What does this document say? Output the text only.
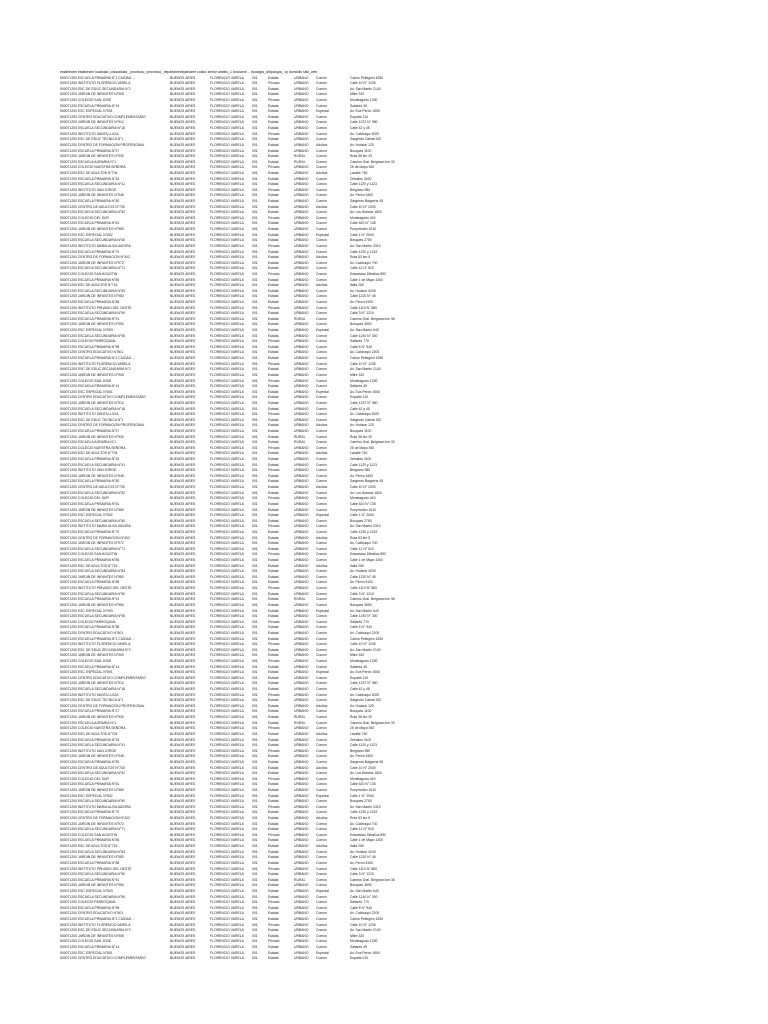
establecimi establecim localidad_ciducalidad_ provincia_i provincia_ departamedepartame codloc sector ambito_1 funciamb ... tipologia_ciltipologia_ cp domicilio sitio_web
500071200 ESCUELA PRIMARIA N°1 CIUDAD ...	BUENOS AIRES	FLORENCIO VARELA	001	Estatal	URBANO	Común	Carlos Pellegrini 4250
500071200 INSTITUTO FLORENCIO VARELA	BUENOS AIRES	FLORENCIO VARELA	001	Privado	URBANO	Común	Calle 10 N° 1235
500071200 ESC DE EDUC SECUNDARIA N°2	BUENOS AIRES	FLORENCIO VARELA	001	Estatal	URBANO	Común	Av. San Martín 2140
500071200 JARDIN DE INFANTES N°905	BUENOS AIRES	FLORENCIO VARELA	001	Estatal	URBANO	Común	Mitre 320
500071200 COLEGIO SAN JOSE	BUENOS AIRES	FLORENCIO VARELA	001	Privado	URBANO	Común	Monteagudo 1250
500071200 ESCUELA PRIMARIA N°14	BUENOS AIRES	FLORENCIO VARELA	001	Estatal	URBANO	Común	Sallarés 45
500071200 ESC ESPECIAL N°501	BUENOS AIRES	FLORENCIO VARELA	001	Estatal	URBANO	Especial	Av. Eva Perón 1550
500071200 CENTRO EDUCATIVO COMPLEMENTARIO	BUENOS AIRES	FLORENCIO VARELA	001	Estatal	URBANO	Común	España 210
500071200 JARDIN DE INFANTES N°912	BUENOS AIRES	FLORENCIO VARELA	001	Estatal	URBANO	Común	Calle 1237 N° 980
500071200 ESCUELA SECUNDARIA N°18	BUENOS AIRES	FLORENCIO VARELA	001	Estatal	URBANO	Común	Calle 42 y 45
500071200 INSTITUTO SANTA LUCIA	BUENOS AIRES	FLORENCIO VARELA	001	Privado	URBANO	Común	Av. Calchaquí 5020
500071200 ESC DE EDUC TECNICA N°1	BUENOS AIRES	FLORENCIO VARELA	001	Estatal	URBANO	Común	Sargento Cabral 320
500071200 CENTRO DE FORMACION PROFESIONAL	BUENOS AIRES	FLORENCIO VARELA	001	Estatal	URBANO	Adultos	Av. Hudson 125
500071200 ESCUELA PRIMARIA N°27	BUENOS AIRES	FLORENCIO VARELA	001	Estatal	URBANO	Común	Bosques 1100
500071200 JARDIN DE INFANTES N°930	BUENOS AIRES	FLORENCIO VARELA	001	Estatal	RURAL	Común	Ruta 36 km 29
500071200 ESCUELA AGRARIA N°1	BUENOS AIRES	FLORENCIO VARELA	001	Estatal	RURAL	Común	Camino Gral. Belgrano km 33
500071200 COLEGIO NUESTRA SEÑORA	BUENOS AIRES	FLORENCIO VARELA	001	Privado	URBANO	Común	25 de Mayo 540
500071200 ESC DE ADULTOS N°704	BUENOS AIRES	FLORENCIO VARELA	001	Estatal	URBANO	Adultos	Lavalle 760
500071200 ESCUELA PRIMARIA N°33	BUENOS AIRES	FLORENCIO VARELA	001	Estatal	URBANO	Común	Zeballos 3100
500071200 ESCUELA SECUNDARIA N°41	BUENOS AIRES	FLORENCIO VARELA	001	Estatal	URBANO	Común	Calle 1120 y 1123
500071200 INSTITUTO SAN JORGE	BUENOS AIRES	FLORENCIO VARELA	001	Privado	URBANO	Común	Belgrano 980
500071200 JARDIN DE INFANTES N°948	BUENOS AIRES	FLORENCIO VARELA	001	Estatal	URBANO	Común	Av. Perón 3400
500071200 ESCUELA PRIMARIA N°50	BUENOS AIRES	FLORENCIO VARELA	001	Estatal	URBANO	Común	Sargento Baigorria 45
500071200 CENTRO DE ADULTOS N°730	BUENOS AIRES	FLORENCIO VARELA	001	Estatal	URBANO	Adultos	Calle 10 N° 2030
500071200 ESCUELA SECUNDARIA N°52	BUENOS AIRES	FLORENCIO VARELA	001	Estatal	URBANO	Común	Av. Los Álamos 1800
500071200 COLEGIO DEL SUR	BUENOS AIRES	FLORENCIO VARELA	001	Privado	URBANO	Común	Monteagudo 440
500071200 ESCUELA PRIMARIA N°61	BUENOS AIRES	FLORENCIO VARELA	001	Estatal	URBANO	Común	Calle 520 N° 135
500071200 JARDIN DE INFANTES N°960	BUENOS AIRES	FLORENCIO VARELA	001	Estatal	URBANO	Común	Pueyrredón 1010
500071200 ESC ESPECIAL N°502	BUENOS AIRES	FLORENCIO VARELA	001	Estatal	URBANO	Especial	Calle 1 N° 2540
500071200 ESCUELA SECUNDARIA N°60	BUENOS AIRES	FLORENCIO VARELA	001	Estatal	URBANO	Común	Bosques 2750
500071200 INSTITUTO MARIA AUXILIADORA	BUENOS AIRES	FLORENCIO VARELA	001	Privado	URBANO	Común	Av. San Martín 3310
500071200 ESCUELA PRIMARIA N°70	BUENOS AIRES	FLORENCIO VARELA	001	Estatal	URBANO	Común	Calle 1230 y 1232
500071200 CENTRO DE FORMACION N°402	BUENOS AIRES	FLORENCIO VARELA	001	Estatal	URBANO	Adultos	Ruta 53 km 5
500071200 JARDIN DE INFANTES N°972	BUENOS AIRES	FLORENCIO VARELA	001	Estatal	URBANO	Común	Av. Calchaquí 700
500071200 ESCUELA SECUNDARIA N°71	BUENOS AIRES	FLORENCIO VARELA	001	Estatal	URBANO	Común	Calle 12 N° 510
500071200 COLEGIO SAN AGUSTIN	BUENOS AIRES	FLORENCIO VARELA	001	Privado	URBANO	Común	Estanislao Zeballos 890
500071200 ESCUELA PRIMARIA N°80	BUENOS AIRES	FLORENCIO VARELA	001	Estatal	URBANO	Común	Calle 1 de Mayo 1400
500071200 ESC DE ADULTOS N°716	BUENOS AIRES	FLORENCIO VARELA	001	Estatal	URBANO	Adultos	Italia 260
500071200 ESCUELA SECUNDARIA N°83	BUENOS AIRES	FLORENCIO VARELA	001	Estatal	URBANO	Común	Av. Hudson 4200
500071200 JARDIN DE INFANTES N°983	BUENOS AIRES	FLORENCIO VARELA	001	Estatal	URBANO	Común	Calle 1220 N° 45
500071200 ESCUELA PRIMARIA N°88	BUENOS AIRES	FLORENCIO VARELA	001	Estatal	URBANO	Común	Av. Perón 5100
500071200 INSTITUTO PRIVADO DEL OESTE	BUENOS AIRES	FLORENCIO VARELA	001	Privado	URBANO	Común	Calle 1110 N° 880
500071200 ESCUELA SECUNDARIA N°90	BUENOS AIRES	FLORENCIO VARELA	001	Estatal	URBANO	Común	Calle 3 N° 1210
500071200 ESCUELA PRIMARIA N°91	BUENOS AIRES	FLORENCIO VARELA	001	Estatal	RURAL	Común	Camino Gral. Belgrano km 36
500071200 JARDIN DE INFANTES N°990	BUENOS AIRES	FLORENCIO VARELA	001	Estatal	URBANO	Común	Bosques 3890
500071200 ESC ESPECIAL N°503	BUENOS AIRES	FLORENCIO VARELA	001	Estatal	URBANO	Especial	Av. San Martín 640
500071200 ESCUELA SECUNDARIA N°95	BUENOS AIRES	FLORENCIO VARELA	001	Estatal	URBANO	Común	Calle 1240 N° 300
500071200 COLEGIO PARROQUIAL	BUENOS AIRES	FLORENCIO VARELA	001	Privado	URBANO	Común	Sallarés 770
500071200 ESCUELA PRIMARIA N°98	BUENOS AIRES	FLORENCIO VARELA	001	Estatal	URBANO	Común	Calle 5 N° 940
500071200 CENTRO EDUCATIVO N°801	BUENOS AIRES	FLORENCIO VARELA	001	Estatal	URBANO	Común	Av. Calchaquí 2200
500071200 ESCUELA PRIMARIA N°1 CIUDAD ...	BUENOS AIRES	FLORENCIO VARELA	001	Estatal	URBANO	Común	Carlos Pellegrini 4250
500071200 INSTITUTO FLORENCIO VARELA	BUENOS AIRES	FLORENCIO VARELA	001	Privado	URBANO	Común	Calle 10 N° 1235
500071200 ESC DE EDUC SECUNDARIA N°2	BUENOS AIRES	FLORENCIO VARELA	001	Estatal	URBANO	Común	Av. San Martín 2140
500071200 JARDIN DE INFANTES N°905	BUENOS AIRES	FLORENCIO VARELA	001	Estatal	URBANO	Común	Mitre 320
500071200 COLEGIO SAN JOSE	BUENOS AIRES	FLORENCIO VARELA	001	Privado	URBANO	Común	Monteagudo 1250
500071200 ESCUELA PRIMARIA N°14	BUENOS AIRES	FLORENCIO VARELA	001	Estatal	URBANO	Común	Sallarés 45
500071200 ESC ESPECIAL N°501	BUENOS AIRES	FLORENCIO VARELA	001	Estatal	URBANO	Especial	Av. Eva Perón 1550
500071200 CENTRO EDUCATIVO COMPLEMENTARIO	BUENOS AIRES	FLORENCIO VARELA	001	Estatal	URBANO	Común	España 210
500071200 JARDIN DE INFANTES N°912	BUENOS AIRES	FLORENCIO VARELA	001	Estatal	URBANO	Común	Calle 1237 N° 980
500071200 ESCUELA SECUNDARIA N°18	BUENOS AIRES	FLORENCIO VARELA	001	Estatal	URBANO	Común	Calle 42 y 45
500071200 INSTITUTO SANTA LUCIA	BUENOS AIRES	FLORENCIO VARELA	001	Privado	URBANO	Común	Av. Calchaquí 5020
500071200 ESC DE EDUC TECNICA N°1	BUENOS AIRES	FLORENCIO VARELA	001	Estatal	URBANO	Común	Sargento Cabral 320
500071200 CENTRO DE FORMACION PROFESIONAL	BUENOS AIRES	FLORENCIO VARELA	001	Estatal	URBANO	Adultos	Av. Hudson 125
500071200 ESCUELA PRIMARIA N°27	BUENOS AIRES	FLORENCIO VARELA	001	Estatal	URBANO	Común	Bosques 1100
500071200 JARDIN DE INFANTES N°930	BUENOS AIRES	FLORENCIO VARELA	001	Estatal	RURAL	Común	Ruta 36 km 29
500071200 ESCUELA AGRARIA N°1	BUENOS AIRES	FLORENCIO VARELA	001	Estatal	RURAL	Común	Camino Gral. Belgrano km 33
500071200 COLEGIO NUESTRA SEÑORA	BUENOS AIRES	FLORENCIO VARELA	001	Privado	URBANO	Común	25 de Mayo 540
500071200 ESC DE ADULTOS N°704	BUENOS AIRES	FLORENCIO VARELA	001	Estatal	URBANO	Adultos	Lavalle 760
500071200 ESCUELA PRIMARIA N°33	BUENOS AIRES	FLORENCIO VARELA	001	Estatal	URBANO	Común	Zeballos 3100
500071200 ESCUELA SECUNDARIA N°41	BUENOS AIRES	FLORENCIO VARELA	001	Estatal	URBANO	Común	Calle 1120 y 1123
500071200 INSTITUTO SAN JORGE	BUENOS AIRES	FLORENCIO VARELA	001	Privado	URBANO	Común	Belgrano 980
500071200 JARDIN DE INFANTES N°948	BUENOS AIRES	FLORENCIO VARELA	001	Estatal	URBANO	Común	Av. Perón 3400
500071200 ESCUELA PRIMARIA N°50	BUENOS AIRES	FLORENCIO VARELA	001	Estatal	URBANO	Común	Sargento Baigorria 45
500071200 CENTRO DE ADULTOS N°730	BUENOS AIRES	FLORENCIO VARELA	001	Estatal	URBANO	Adultos	Calle 10 N° 2030
500071200 ESCUELA SECUNDARIA N°52	BUENOS AIRES	FLORENCIO VARELA	001	Estatal	URBANO	Común	Av. Los Álamos 1800
500071200 COLEGIO DEL SUR	BUENOS AIRES	FLORENCIO VARELA	001	Privado	URBANO	Común	Monteagudo 440
500071200 ESCUELA PRIMARIA N°61	BUENOS AIRES	FLORENCIO VARELA	001	Estatal	URBANO	Común	Calle 520 N° 135
500071200 JARDIN DE INFANTES N°960	BUENOS AIRES	FLORENCIO VARELA	001	Estatal	URBANO	Común	Pueyrredón 1010
500071200 ESC ESPECIAL N°502	BUENOS AIRES	FLORENCIO VARELA	001	Estatal	URBANO	Especial	Calle 1 N° 2540
500071200 ESCUELA SECUNDARIA N°60	BUENOS AIRES	FLORENCIO VARELA	001	Estatal	URBANO	Común	Bosques 2750
500071200 INSTITUTO MARIA AUXILIADORA	BUENOS AIRES	FLORENCIO VARELA	001	Privado	URBANO	Común	Av. San Martín 3310
500071200 ESCUELA PRIMARIA N°70	BUENOS AIRES	FLORENCIO VARELA	001	Estatal	URBANO	Común	Calle 1230 y 1232
500071200 CENTRO DE FORMACION N°402	BUENOS AIRES	FLORENCIO VARELA	001	Estatal	URBANO	Adultos	Ruta 53 km 5
500071200 JARDIN DE INFANTES N°972	BUENOS AIRES	FLORENCIO VARELA	001	Estatal	URBANO	Común	Av. Calchaquí 700
500071200 ESCUELA SECUNDARIA N°71	BUENOS AIRES	FLORENCIO VARELA	001	Estatal	URBANO	Común	Calle 12 N° 510
500071200 COLEGIO SAN AGUSTIN	BUENOS AIRES	FLORENCIO VARELA	001	Privado	URBANO	Común	Estanislao Zeballos 890
500071200 ESCUELA PRIMARIA N°80	BUENOS AIRES	FLORENCIO VARELA	001	Estatal	URBANO	Común	Calle 1 de Mayo 1400
500071200 ESC DE ADULTOS N°716	BUENOS AIRES	FLORENCIO VARELA	001	Estatal	URBANO	Adultos	Italia 260
500071200 ESCUELA SECUNDARIA N°83	BUENOS AIRES	FLORENCIO VARELA	001	Estatal	URBANO	Común	Av. Hudson 4200
500071200 JARDIN DE INFANTES N°983	BUENOS AIRES	FLORENCIO VARELA	001	Estatal	URBANO	Común	Calle 1220 N° 45
500071200 ESCUELA PRIMARIA N°88	BUENOS AIRES	FLORENCIO VARELA	001	Estatal	URBANO	Común	Av. Perón 5100
500071200 INSTITUTO PRIVADO DEL OESTE	BUENOS AIRES	FLORENCIO VARELA	001	Privado	URBANO	Común	Calle 1110 N° 880
500071200 ESCUELA SECUNDARIA N°90	BUENOS AIRES	FLORENCIO VARELA	001	Estatal	URBANO	Común	Calle 3 N° 1210
500071200 ESCUELA PRIMARIA N°91	BUENOS AIRES	FLORENCIO VARELA	001	Estatal	RURAL	Común	Camino Gral. Belgrano km 36
500071200 JARDIN DE INFANTES N°990	BUENOS AIRES	FLORENCIO VARELA	001	Estatal	URBANO	Común	Bosques 3890
500071200 ESC ESPECIAL N°503	BUENOS AIRES	FLORENCIO VARELA	001	Estatal	URBANO	Especial	Av. San Martín 640
500071200 ESCUELA SECUNDARIA N°95	BUENOS AIRES	FLORENCIO VARELA	001	Estatal	URBANO	Común	Calle 1240 N° 300
500071200 COLEGIO PARROQUIAL	BUENOS AIRES	FLORENCIO VARELA	001	Privado	URBANO	Común	Sallarés 770
500071200 ESCUELA PRIMARIA N°98	BUENOS AIRES	FLORENCIO VARELA	001	Estatal	URBANO	Común	Calle 5 N° 940
500071200 CENTRO EDUCATIVO N°801	BUENOS AIRES	FLORENCIO VARELA	001	Estatal	URBANO	Común	Av. Calchaquí 2200
500071200 ESCUELA PRIMARIA N°1 CIUDAD ...	BUENOS AIRES	FLORENCIO VARELA	001	Estatal	URBANO	Común	Carlos Pellegrini 4250
500071200 INSTITUTO FLORENCIO VARELA	BUENOS AIRES	FLORENCIO VARELA	001	Privado	URBANO	Común	Calle 10 N° 1235
500071200 ESC DE EDUC SECUNDARIA N°2	BUENOS AIRES	FLORENCIO VARELA	001	Estatal	URBANO	Común	Av. San Martín 2140
500071200 JARDIN DE INFANTES N°905	BUENOS AIRES	FLORENCIO VARELA	001	Estatal	URBANO	Común	Mitre 320
500071200 COLEGIO SAN JOSE	BUENOS AIRES	FLORENCIO VARELA	001	Privado	URBANO	Común	Monteagudo 1250
500071200 ESCUELA PRIMARIA N°14	BUENOS AIRES	FLORENCIO VARELA	001	Estatal	URBANO	Común	Sallarés 45
500071200 ESC ESPECIAL N°501	BUENOS AIRES	FLORENCIO VARELA	001	Estatal	URBANO	Especial	Av. Eva Perón 1550
500071200 CENTRO EDUCATIVO COMPLEMENTARIO	BUENOS AIRES	FLORENCIO VARELA	001	Estatal	URBANO	Común	España 210
500071200 JARDIN DE INFANTES N°912	BUENOS AIRES	FLORENCIO VARELA	001	Estatal	URBANO	Común	Calle 1237 N° 980
500071200 ESCUELA SECUNDARIA N°18	BUENOS AIRES	FLORENCIO VARELA	001	Estatal	URBANO	Común	Calle 42 y 45
500071200 INSTITUTO SANTA LUCIA	BUENOS AIRES	FLORENCIO VARELA	001	Privado	URBANO	Común	Av. Calchaquí 5020
500071200 ESC DE EDUC TECNICA N°1	BUENOS AIRES	FLORENCIO VARELA	001	Estatal	URBANO	Común	Sargento Cabral 320
500071200 CENTRO DE FORMACION PROFESIONAL	BUENOS AIRES	FLORENCIO VARELA	001	Estatal	URBANO	Adultos	Av. Hudson 125
500071200 ESCUELA PRIMARIA N°27	BUENOS AIRES	FLORENCIO VARELA	001	Estatal	URBANO	Común	Bosques 1100
500071200 JARDIN DE INFANTES N°930	BUENOS AIRES	FLORENCIO VARELA	001	Estatal	RURAL	Común	Ruta 36 km 29
500071200 ESCUELA AGRARIA N°1	BUENOS AIRES	FLORENCIO VARELA	001	Estatal	RURAL	Común	Camino Gral. Belgrano km 33
500071200 COLEGIO NUESTRA SEÑORA	BUENOS AIRES	FLORENCIO VARELA	001	Privado	URBANO	Común	25 de Mayo 540
500071200 ESC DE ADULTOS N°704	BUENOS AIRES	FLORENCIO VARELA	001	Estatal	URBANO	Adultos	Lavalle 760
500071200 ESCUELA PRIMARIA N°33	BUENOS AIRES	FLORENCIO VARELA	001	Estatal	URBANO	Común	Zeballos 3100
500071200 ESCUELA SECUNDARIA N°41	BUENOS AIRES	FLORENCIO VARELA	001	Estatal	URBANO	Común	Calle 1120 y 1123
500071200 INSTITUTO SAN JORGE	BUENOS AIRES	FLORENCIO VARELA	001	Privado	URBANO	Común	Belgrano 980
500071200 JARDIN DE INFANTES N°948	BUENOS AIRES	FLORENCIO VARELA	001	Estatal	URBANO	Común	Av. Perón 3400
500071200 ESCUELA PRIMARIA N°50	BUENOS AIRES	FLORENCIO VARELA	001	Estatal	URBANO	Común	Sargento Baigorria 45
500071200 CENTRO DE ADULTOS N°730	BUENOS AIRES	FLORENCIO VARELA	001	Estatal	URBANO	Adultos	Calle 10 N° 2030
500071200 ESCUELA SECUNDARIA N°52	BUENOS AIRES	FLORENCIO VARELA	001	Estatal	URBANO	Común	Av. Los Álamos 1800
500071200 COLEGIO DEL SUR	BUENOS AIRES	FLORENCIO VARELA	001	Privado	URBANO	Común	Monteagudo 440
500071200 ESCUELA PRIMARIA N°61	BUENOS AIRES	FLORENCIO VARELA	001	Estatal	URBANO	Común	Calle 520 N° 135
500071200 JARDIN DE INFANTES N°960	BUENOS AIRES	FLORENCIO VARELA	001	Estatal	URBANO	Común	Pueyrredón 1010
500071200 ESC ESPECIAL N°502	BUENOS AIRES	FLORENCIO VARELA	001	Estatal	URBANO	Especial	Calle 1 N° 2540
500071200 ESCUELA SECUNDARIA N°60	BUENOS AIRES	FLORENCIO VARELA	001	Estatal	URBANO	Común	Bosques 2750
500071200 INSTITUTO MARIA AUXILIADORA	BUENOS AIRES	FLORENCIO VARELA	001	Privado	URBANO	Común	Av. San Martín 3310
500071200 ESCUELA PRIMARIA N°70	BUENOS AIRES	FLORENCIO VARELA	001	Estatal	URBANO	Común	Calle 1230 y 1232
500071200 CENTRO DE FORMACION N°402	BUENOS AIRES	FLORENCIO VARELA	001	Estatal	URBANO	Adultos	Ruta 53 km 5
500071200 JARDIN DE INFANTES N°972	BUENOS AIRES	FLORENCIO VARELA	001	Estatal	URBANO	Común	Av. Calchaquí 700
500071200 ESCUELA SECUNDARIA N°71	BUENOS AIRES	FLORENCIO VARELA	001	Estatal	URBANO	Común	Calle 12 N° 510
500071200 COLEGIO SAN AGUSTIN	BUENOS AIRES	FLORENCIO VARELA	001	Privado	URBANO	Común	Estanislao Zeballos 890
500071200 ESCUELA PRIMARIA N°80	BUENOS AIRES	FLORENCIO VARELA	001	Estatal	URBANO	Común	Calle 1 de Mayo 1400
500071200 ESC DE ADULTOS N°716	BUENOS AIRES	FLORENCIO VARELA	001	Estatal	URBANO	Adultos	Italia 260
500071200 ESCUELA SECUNDARIA N°83	BUENOS AIRES	FLORENCIO VARELA	001	Estatal	URBANO	Común	Av. Hudson 4200
500071200 JARDIN DE INFANTES N°983	BUENOS AIRES	FLORENCIO VARELA	001	Estatal	URBANO	Común	Calle 1220 N° 45
500071200 ESCUELA PRIMARIA N°88	BUENOS AIRES	FLORENCIO VARELA	001	Estatal	URBANO	Común	Av. Perón 5100
500071200 INSTITUTO PRIVADO DEL OESTE	BUENOS AIRES	FLORENCIO VARELA	001	Privado	URBANO	Común	Calle 1110 N° 880
500071200 ESCUELA SECUNDARIA N°90	BUENOS AIRES	FLORENCIO VARELA	001	Estatal	URBANO	Común	Calle 3 N° 1210
500071200 ESCUELA PRIMARIA N°91	BUENOS AIRES	FLORENCIO VARELA	001	Estatal	RURAL	Común	Camino Gral. Belgrano km 36
500071200 JARDIN DE INFANTES N°990	BUENOS AIRES	FLORENCIO VARELA	001	Estatal	URBANO	Común	Bosques 3890
500071200 ESC ESPECIAL N°503	BUENOS AIRES	FLORENCIO VARELA	001	Estatal	URBANO	Especial	Av. San Martín 640
500071200 ESCUELA SECUNDARIA N°95	BUENOS AIRES	FLORENCIO VARELA	001	Estatal	URBANO	Común	Calle 1240 N° 300
500071200 COLEGIO PARROQUIAL	BUENOS AIRES	FLORENCIO VARELA	001	Privado	URBANO	Común	Sallarés 770
500071200 ESCUELA PRIMARIA N°98	BUENOS AIRES	FLORENCIO VARELA	001	Estatal	URBANO	Común	Calle 5 N° 940
500071200 CENTRO EDUCATIVO N°801	BUENOS AIRES	FLORENCIO VARELA	001	Estatal	URBANO	Común	Av. Calchaquí 2200
500071200 ESCUELA PRIMARIA N°1 CIUDAD ...	BUENOS AIRES	FLORENCIO VARELA	001	Estatal	URBANO	Común	Carlos Pellegrini 4250
500071200 INSTITUTO FLORENCIO VARELA	BUENOS AIRES	FLORENCIO VARELA	001	Privado	URBANO	Común	Calle 10 N° 1235
500071200 ESC DE EDUC SECUNDARIA N°2	BUENOS AIRES	FLORENCIO VARELA	001	Estatal	URBANO	Común	Av. San Martín 2140
500071200 JARDIN DE INFANTES N°905	BUENOS AIRES	FLORENCIO VARELA	001	Estatal	URBANO	Común	Mitre 320
500071200 COLEGIO SAN JOSE	BUENOS AIRES	FLORENCIO VARELA	001	Privado	URBANO	Común	Monteagudo 1250
500071200 ESCUELA PRIMARIA N°14	BUENOS AIRES	FLORENCIO VARELA	001	Estatal	URBANO	Común	Sallarés 45
500071200 ESC ESPECIAL N°501	BUENOS AIRES	FLORENCIO VARELA	001	Estatal	URBANO	Especial	Av. Eva Perón 1550
500071200 CENTRO EDUCATIVO COMPLEMENTARIO	BUENOS AIRES	FLORENCIO VARELA	001	Estatal	URBANO	Común	España 210
